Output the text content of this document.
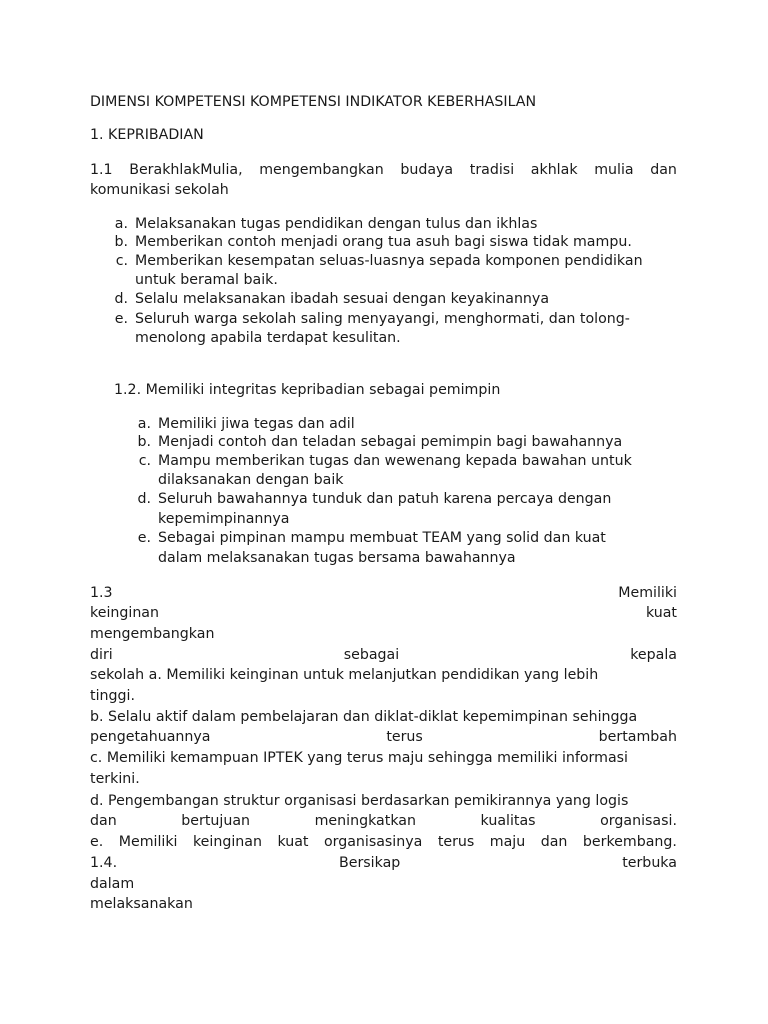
DIMENSI KOMPETENSI KOMPETENSI INDIKATOR KEBERHASILAN
1. KEPRIBADIAN
1.1 BerakhlakMulia, mengembangkan budaya tradisi akhlak mulia dan
komunikasi sekolah
a. Melaksanakan tugas pendidikan dengan tulus dan ikhlas
b. Memberikan contoh menjadi orang tua asuh bagi siswa tidak mampu.
c. Memberikan kesempatan seluas-luasnya sepada komponen pendidikan
untuk beramal baik.
d. Selalu melaksanakan ibadah sesuai dengan keyakinannya
e. Seluruh warga sekolah saling menyayangi, menghormati, dan tolong-
menolong apabila terdapat kesulitan.
1.2. Memiliki integritas kepribadian sebagai pemimpin
a. Memiliki jiwa tegas dan adil
b. Menjadi contoh dan teladan sebagai pemimpin bagi bawahannya
c. Mampu memberikan tugas dan wewenang kepada bawahan untuk
dilaksanakan dengan baik
d. Seluruh bawahannya tunduk dan patuh karena percaya dengan
kepemimpinannya
e. Sebagai pimpinan mampu membuat TEAM yang solid dan kuat
dalam melaksanakan tugas bersama bawahannya
1.3	Memiliki
keinginan	kuat
mengembangkan
diri	sebagai	kepala
sekolah a. Memiliki keinginan untuk melanjutkan pendidikan yang lebih
tinggi.
b. Selalu aktif dalam pembelajaran dan diklat-diklat kepemimpinan sehingga
pengetahuannya	terus	bertambah
c. Memiliki kemampuan IPTEK yang terus maju sehingga memiliki informasi
terkini.
d. Pengembangan struktur organisasi berdasarkan pemikirannya yang logis
dan	bertujuan	meningkatkan	kualitas	organisasi.
e. Memiliki keinginan kuat organisasinya terus maju dan berkembang.
1.4.	Bersikap	terbuka
dalam
melaksanakan
